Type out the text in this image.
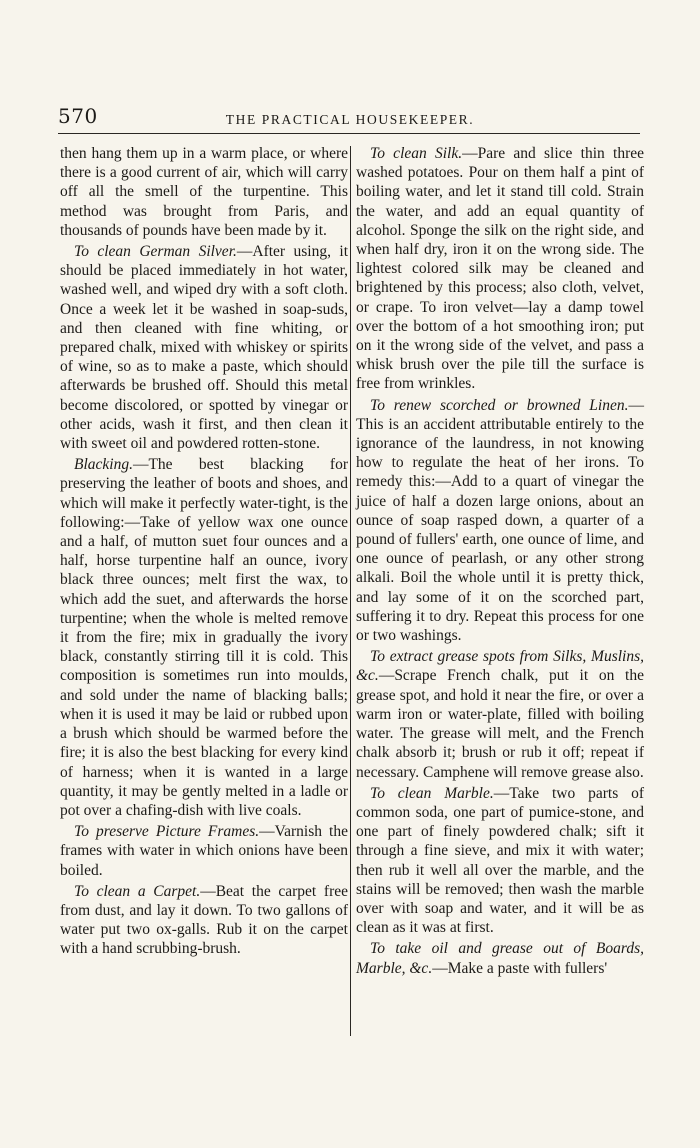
570	THE PRACTICAL HOUSEKEEPER.

then hang them up in a warm place, or where there is a good current of air, which will carry off all the smell of the turpentine. This method was brought from Paris, and thousands of pounds have been made by it.

To clean German Silver.—After using, it should be placed immediately in hot water, washed well, and wiped dry with a soft cloth. Once a week let it be washed in soap-suds, and then cleaned with fine whiting, or prepared chalk, mixed with whiskey or spirits of wine, so as to make a paste, which should afterwards be brushed off. Should this metal become discolored, or spotted by vinegar or other acids, wash it first, and then clean it with sweet oil and powdered rotten-stone.

Blacking.—The best blacking for preserving the leather of boots and shoes, and which will make it perfectly water-tight, is the following:—Take of yellow wax one ounce and a half, of mutton suet four ounces and a half, horse turpentine half an ounce, ivory black three ounces; melt first the wax, to which add the suet, and afterwards the horse turpentine; when the whole is melted remove it from the fire; mix in gradually the ivory black, constantly stirring till it is cold. This composition is sometimes run into moulds, and sold under the name of blacking balls; when it is used it may be laid or rubbed upon a brush which should be warmed before the fire; it is also the best blacking for every kind of harness; when it is wanted in a large quantity, it may be gently melted in a ladle or pot over a chafing-dish with live coals.

To preserve Picture Frames.—Varnish the frames with water in which onions have been boiled.

To clean a Carpet.—Beat the carpet free from dust, and lay it down. To two gallons of water put two ox-galls. Rub it on the carpet with a hand scrubbing-brush.

To clean Silk.—Pare and slice thin three washed potatoes. Pour on them half a pint of boiling water, and let it stand till cold. Strain the water, and add an equal quantity of alcohol. Sponge the silk on the right side, and when half dry, iron it on the wrong side. The lightest colored silk may be cleaned and brightened by this process; also cloth, velvet, or crape. To iron velvet—lay a damp towel over the bottom of a hot smoothing iron; put on it the wrong side of the velvet, and pass a whisk brush over the pile till the surface is free from wrinkles.

To renew scorched or browned Linen.—This is an accident attributable entirely to the ignorance of the laundress, in not knowing how to regulate the heat of her irons. To remedy this:—Add to a quart of vinegar the juice of half a dozen large onions, about an ounce of soap rasped down, a quarter of a pound of fullers' earth, one ounce of lime, and one ounce of pearlash, or any other strong alkali. Boil the whole until it is pretty thick, and lay some of it on the scorched part, suffering it to dry. Repeat this process for one or two washings.

To extract grease spots from Silks, Muslins, &c.—Scrape French chalk, put it on the grease spot, and hold it near the fire, or over a warm iron or water-plate, filled with boiling water. The grease will melt, and the French chalk absorb it; brush or rub it off; repeat if necessary. Camphene will remove grease also.

To clean Marble.—Take two parts of common soda, one part of pumice-stone, and one part of finely powdered chalk; sift it through a fine sieve, and mix it with water; then rub it well all over the marble, and the stains will be removed; then wash the marble over with soap and water, and it will be as clean as it was at first.

To take oil and grease out of Boards, Marble, &c.—Make a paste with fullers'
